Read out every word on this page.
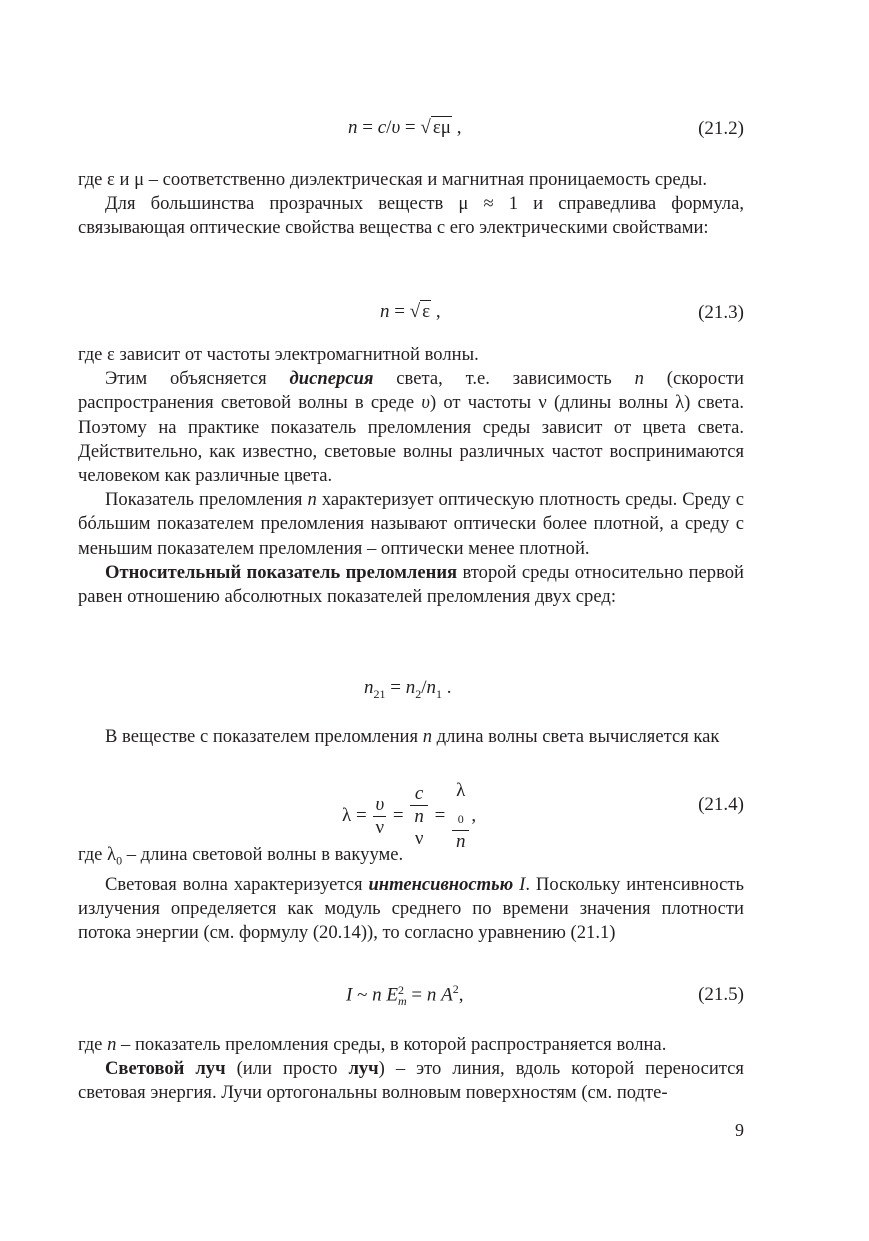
n = c/υ = √ εμ ,	(21.2)

где ε и μ – соответственно диэлектрическая и магнитная проницаемость среды.

Для большинства прозрачных веществ μ ≈ 1 и справедлива формула, связывающая оптические свойства вещества с его электрическими свойствами:

n = √ ε ,	(21.3)

где ε зависит от частоты электромагнитной волны.

Этим объясняется дисперсия света, т.е. зависимость n (скорости распространения световой волны в среде υ) от частоты ν (длины волны λ) света. Поэтому на практике показатель преломления среды зависит от цвета света. Действительно, как известно, световые волны различных частот воспринимаются человеком как различные цвета.

Показатель преломления n характеризует оптическую плотность среды. Среду с бóльшим показателем преломления называют оптически более плотной, а среду с меньшим показателем преломления – оптически менее плотной.

Относительный показатель преломления второй среды относительно первой равен отношению абсолютных показателей преломления двух сред:

$n_{21} = n_2/n_1$ .

В веществе с показателем преломления n длина волны света вычисляется как

$\lambda = \frac{\upsilon}{\nu} = c$
n
ν = λ
$_0$
n ,
(21.4)

где $\lambda_0$ – длина световой волны в вакууме.

Световая волна характеризуется интенсивностью I. Поскольку интенсивность излучения определяется как модуль среднего по времени значения плотности потока энергии (см. формулу (20.14)), то согласно уравнению (21.1)

I ~ n E 2
m = n $A^2$,	(21.5)

где n – показатель преломления среды, в которой распространяется волна.

Световой луч (или просто луч) – это линия, вдоль которой переносится световая энергия. Лучи ортогональны волновым поверхностям (см. подте-

9
